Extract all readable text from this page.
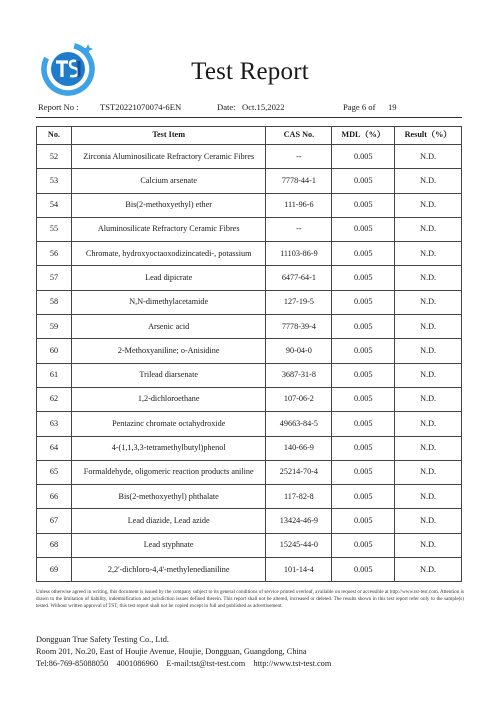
Test Report
Report No : TST20221070074-6EN	Date: Oct.15,2022	Page 6 of 19
No.	Test Item	CAS No.	MDL（%）	Result（%）
52	Zirconia Aluminosilicate Refractory Ceramic Fibres	--	0.005	N.D.
53	Calcium arsenate	7778-44-1	0.005	N.D.
54	Bis(2-methoxyethyl) ether	111-96-6	0.005	N.D.
55	Aluminosilicate Refractory Ceramic Fibres	--	0.005	N.D.
56	Chromate, hydroxyoctaoxodizincatedi-, potassium	11103-86-9	0.005	N.D.
57	Lead dipicrate	6477-64-1	0.005	N.D.
58	N,N-dimethylacetamide	127-19-5	0.005	N.D.
59	Arsenic acid	7778-39-4	0.005	N.D.
60	2-Methoxyaniline; o-Anisidine	90-04-0	0.005	N.D.
61	Trilead diarsenate	3687-31-8	0.005	N.D.
62	1,2-dichloroethane	107-06-2	0.005	N.D.
63	Pentazinc chromate octahydroxide	49663-84-5	0.005	N.D.
64	4-(1,1,3,3-tetramethylbutyl)phenol	140-66-9	0.005	N.D.
65	Formaldehyde, oligomeric reaction products aniline	25214-70-4	0.005	N.D.
66	Bis(2-methoxyethyl) phthalate	117-82-8	0.005	N.D.
67	Lead diazide, Lead azide	13424-46-9	0.005	N.D.
68	Lead styphnate	15245-44-0	0.005	N.D.
69	2,2'-dichloro-4,4'-methylenedianiline	101-14-4	0.005	N.D.
Unless otherwise agreed in writing, this document is issued by the company subject to its general conditions of service printed overleaf, available on request or accessible at http://www.tst-test.com. Attention is drawn to the limitation of liability, indemnification and jurisdiction issues defined therein. This report shall not be altered, increased or deleted. The results shown in this test report refer only to the sample(s) tested. Without written approval of TST, this test report shall not be copied except in full and published as advertisement.
Dongguan True Safety Testing Co., Ltd.
Room 201, No.20, East of Houjie Avenue, Houjie, Dongguan, Guangdong, China
Tel:86-769-85088050    4001086960    E-mail:tst@tst-test.com    http://www.tst-test.com
